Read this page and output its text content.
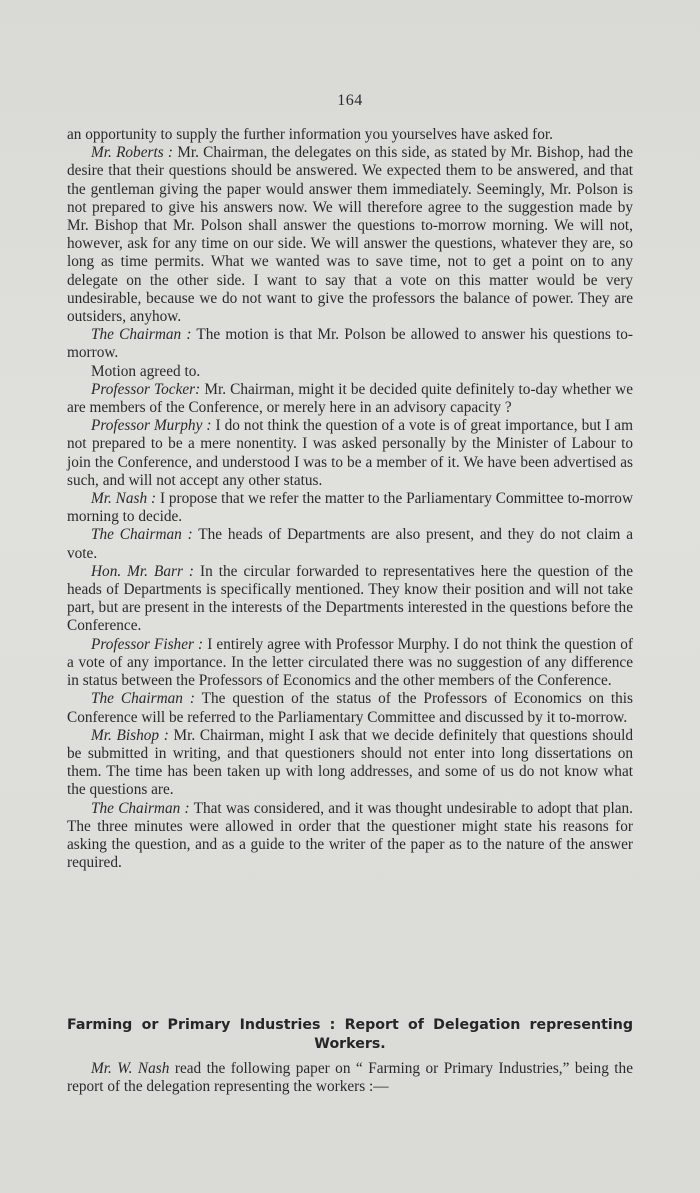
164

an opportunity to supply the further information you yourselves have asked for.

Mr. Roberts : Mr. Chairman, the delegates on this side, as stated by Mr. Bishop, had the desire that their questions should be answered. We expected them to be answered, and that the gentleman giving the paper would answer them immediately. Seemingly, Mr. Polson is not prepared to give his answers now. We will therefore agree to the suggestion made by Mr. Bishop that Mr. Polson shall answer the questions to-morrow morning. We will not, however, ask for any time on our side. We will answer the questions, whatever they are, so long as time permits. What we wanted was to save time, not to get a point on to any delegate on the other side. I want to say that a vote on this matter would be very undesirable, because we do not want to give the professors the balance of power. They are outsiders, anyhow.

The Chairman : The motion is that Mr. Polson be allowed to answer his questions to-morrow.

Motion agreed to.

Professor Tocker: Mr. Chairman, might it be decided quite definitely to-day whether we are members of the Conference, or merely here in an advisory capacity ?

Professor Murphy : I do not think the question of a vote is of great importance, but I am not prepared to be a mere nonentity. I was asked personally by the Minister of Labour to join the Conference, and understood I was to be a member of it. We have been advertised as such, and will not accept any other status.

Mr. Nash : I propose that we refer the matter to the Parliamentary Committee to-morrow morning to decide.

The Chairman : The heads of Departments are also present, and they do not claim a vote.

Hon. Mr. Barr : In the circular forwarded to representatives here the question of the heads of Departments is specifically mentioned. They know their position and will not take part, but are present in the interests of the Departments interested in the questions before the Conference.

Professor Fisher : I entirely agree with Professor Murphy. I do not think the question of a vote of any importance. In the letter circulated there was no suggestion of any difference in status between the Professors of Economics and the other members of the Conference.

The Chairman : The question of the status of the Professors of Economics on this Conference will be referred to the Parliamentary Committee and discussed by it to-morrow.

Mr. Bishop : Mr. Chairman, might I ask that we decide definitely that questions should be submitted in writing, and that questioners should not enter into long dissertations on them. The time has been taken up with long addresses, and some of us do not know what the questions are.

The Chairman : That was considered, and it was thought undesirable to adopt that plan. The three minutes were allowed in order that the questioner might state his reasons for asking the question, and as a guide to the writer of the paper as to the nature of the answer required.

Farming or Primary Industries : Report of Delegation representing Workers.

Mr. W. Nash read the following paper on “ Farming or Primary Industries,” being the report of the delegation representing the workers :—
